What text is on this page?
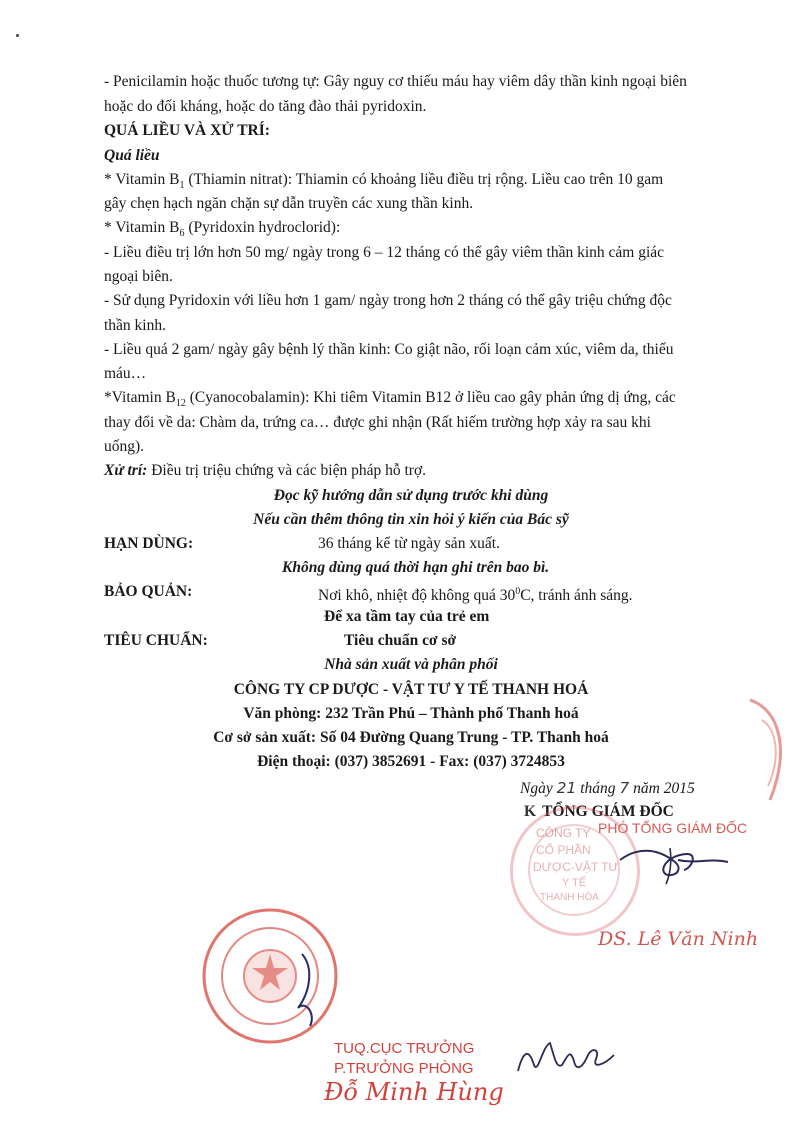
- Penicilamin hoặc thuốc tương tự: Gây nguy cơ thiếu máu hay viêm dây thần kinh ngoại biên
hoặc do đối kháng, hoặc do tăng đào thải pyridoxin.
QUÁ LIỀU VÀ XỬ TRÍ:
Quá liều
* Vitamin $B_1$ (Thiamin nitrat): Thiamin có khoảng liều điều trị rộng. Liều cao trên 10 gam
gây chẹn hạch ngăn chặn sự dẫn truyền các xung thần kinh.
* Vitamin $B_6$ (Pyridoxin hydroclorid):
- Liều điều trị lớn hơn 50 mg/ ngày trong 6 – 12 tháng có thể gây viêm thần kinh cảm giác
ngoại biên.
- Sử dụng Pyridoxin với liều hơn 1 gam/ ngày trong hơn 2 tháng có thể gây triệu chứng độc
thần kinh.
- Liều quá 2 gam/ ngày gây bệnh lý thần kinh: Co giật não, rối loạn cảm xúc, viêm da, thiếu
máu…
*Vitamin $B_{12}$ (Cyanocobalamin): Khi tiêm Vitamin B12 ở liều cao gây phản ứng dị ứng, các
thay đổi về da: Chàm da, trứng ca… được ghi nhận (Rất hiếm trường hợp xảy ra sau khi
uống).
Xử trí: Điều trị triệu chứng và các biện pháp hỗ trợ.
Đọc kỹ hướng dẫn sử dụng trước khi dùng
Nếu cần thêm thông tin xin hỏi ý kiến của Bác sỹ
HẠN DÙNG:	36 tháng kể từ ngày sản xuất.
Không dùng quá thời hạn ghi trên bao bì.
BẢO QUẢN:	Nơi khô, nhiệt độ không quá $30^0C$, tránh ánh sáng.
Để xa tầm tay của trẻ em
TIÊU CHUẨN:	Tiêu chuẩn cơ sở
Nhà sản xuất và phân phối
CÔNG TY CP DƯỢC - VẬT TƯ Y TẾ THANH HOÁ
Văn phòng: 232 Trần Phú – Thành phố Thanh hoá
Cơ sở sản xuất: Số 04 Đường Quang Trung - TP. Thanh hoá
Điện thoại: (037) 3852691 - Fax: (037) 3724853
Ngày 21 tháng 7 năm 2015
K TỔNG GIÁM ĐỐC
CÔNG TY
CỔ PHẦN
DƯỢC-VẬT TƯ
Y TẾ
THANH HÓA
PHÓ TỔNG GIÁM ĐỐC
DS. Lê Văn Ninh
TUQ.CỤC TRƯỞNG
P.TRƯỞNG PHÒNG
Đỗ Minh Hùng
